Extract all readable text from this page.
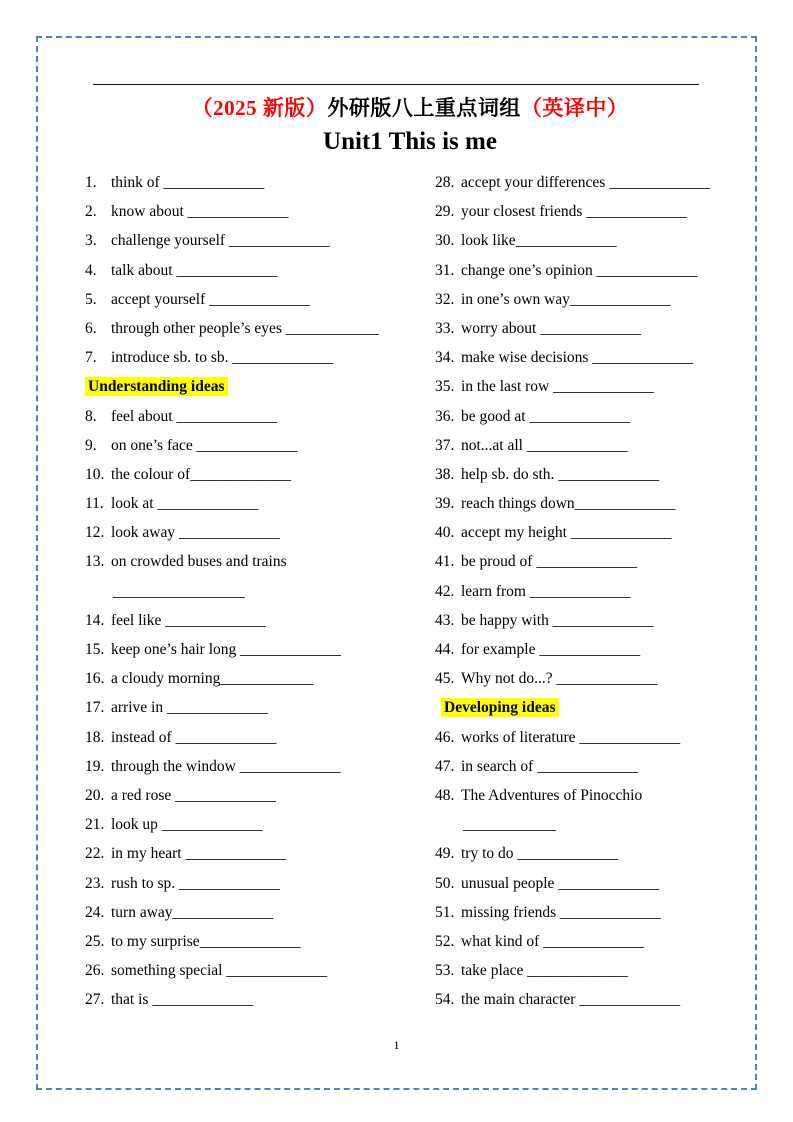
（2025 新版）外研版八上重点词组（英译中）
Unit1 This is me
1. think of _____________
2. know about _____________
3. challenge yourself _____________
4. talk about _____________
5. accept yourself _____________
6. through other people’s eyes ____________
7. introduce sb. to sb. _____________
Understanding ideas
8. feel about _____________
9. on one’s face _____________
10. the colour of_____________
11. look at _____________
12. look away _____________
13. on crowded buses and trains
_________________
14. feel like _____________
15. keep one’s hair long _____________
16. a cloudy morning____________
17. arrive in _____________
18. instead of _____________
19. through the window _____________
20. a red rose _____________
21. look up _____________
22. in my heart _____________
23. rush to sp. _____________
24. turn away_____________
25. to my surprise_____________
26. something special _____________
27. that is _____________
28. accept your differences _____________
29. your closest friends _____________
30. look like_____________
31. change one’s opinion _____________
32. in one’s own way_____________
33. worry about _____________
34. make wise decisions _____________
35. in the last row _____________
36. be good at _____________
37. not...at all _____________
38. help sb. do sth. _____________
39. reach things down_____________
40. accept my height _____________
41. be proud of _____________
42. learn from _____________
43. be happy with _____________
44. for example _____________
45. Why not do...? _____________
Developing ideas
46. works of literature _____________
47. in search of _____________
48. The Adventures of Pinocchio
____________
49. try to do _____________
50. unusual people _____________
51. missing friends _____________
52. what kind of _____________
53. take place _____________
54. the main character _____________
1
